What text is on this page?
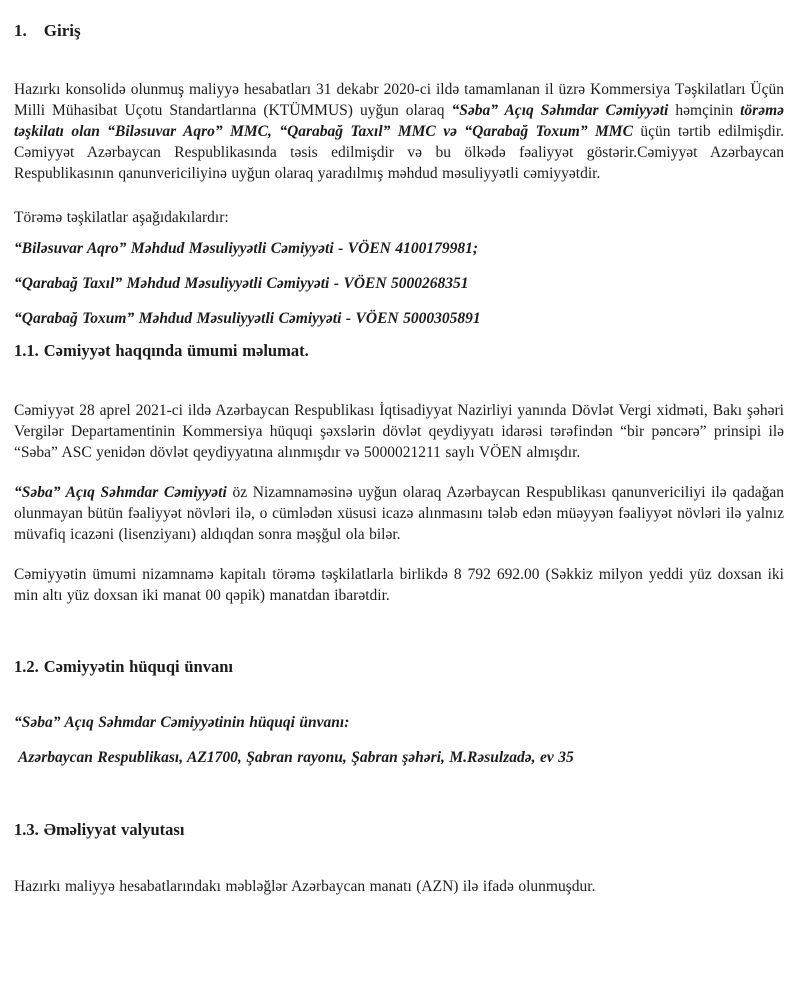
1. Giriş

Hazırkı konsolidə olunmuş maliyyə hesabatları 31 dekabr 2020-ci ildə tamamlanan il üzrə Kommersiya Təşkilatları Üçün Milli Mühasibat Uçotu Standartlarına (KTÜMMUS) uyğun olaraq “Səba” Açıq Səhmdar Cəmiyyəti həmçinin törəmə təşkilatı olan “Biləsuvar Aqro” MMC, “Qarabağ Taxıl” MMC və “Qarabağ Toxum” MMC üçün tərtib edilmişdir. Cəmiyyət Azərbaycan Respublikasında təsis edilmişdir və bu ölkədə fəaliyyət göstərir.Cəmiyyət Azərbaycan Respublikasının qanunvericiliyinə uyğun olaraq yaradılmış məhdud məsuliyyətli cəmiyyətdir.

Törəmə təşkilatlar aşağıdakılardır:

“Biləsuvar Aqro” Məhdud Məsuliyyətli Cəmiyyəti - VÖEN 4100179981;

“Qarabağ Taxıl” Məhdud Məsuliyyətli Cəmiyyəti - VÖEN 5000268351

“Qarabağ Toxum” Məhdud Məsuliyyətli Cəmiyyəti - VÖEN 5000305891

1.1. Cəmiyyət haqqında ümumi məlumat.

Cəmiyyət 28 aprel 2021-ci ildə Azərbaycan Respublikası İqtisadiyyat Nazirliyi yanında Dövlət Vergi xidməti, Bakı şəhəri Vergilər Departamentinin Kommersiya hüquqi şəxslərin dövlət qeydiyyatı idarəsi tərəfindən “bir pəncərə” prinsipi ilə “Səba” ASC yenidən dövlət qeydiyyatına alınmışdır və 5000021211 saylı VÖEN almışdır.

“Səba” Açıq Səhmdar Cəmiyyəti öz Nizamnaməsinə uyğun olaraq Azərbaycan Respublikası qanunvericiliyi ilə qadağan olunmayan bütün fəaliyyət növləri ilə, o cümlədən xüsusi icazə alınmasını tələb edən müəyyən fəaliyyət növləri ilə yalnız müvafiq icazəni (lisenziyanı) aldıqdan sonra məşğul ola bilər.

Cəmiyyətin ümumi nizamnamə kapitalı törəmə təşkilatlarla birlikdə 8 792 692.00 (Səkkiz milyon yeddi yüz doxsan iki min altı yüz doxsan iki manat 00 qəpik) manatdan ibarətdir.

1.2. Cəmiyyətin hüquqi ünvanı

“Səba” Açıq Səhmdar Cəmiyyətinin hüquqi ünvanı:

Azərbaycan Respublikası, AZ1700, Şabran rayonu, Şabran şəhəri, M.Rəsulzadə, ev 35

1.3. Əməliyyat valyutası

Hazırkı maliyyə hesabatlarındakı məbləğlər Azərbaycan manatı (AZN) ilə ifadə olunmuşdur.
